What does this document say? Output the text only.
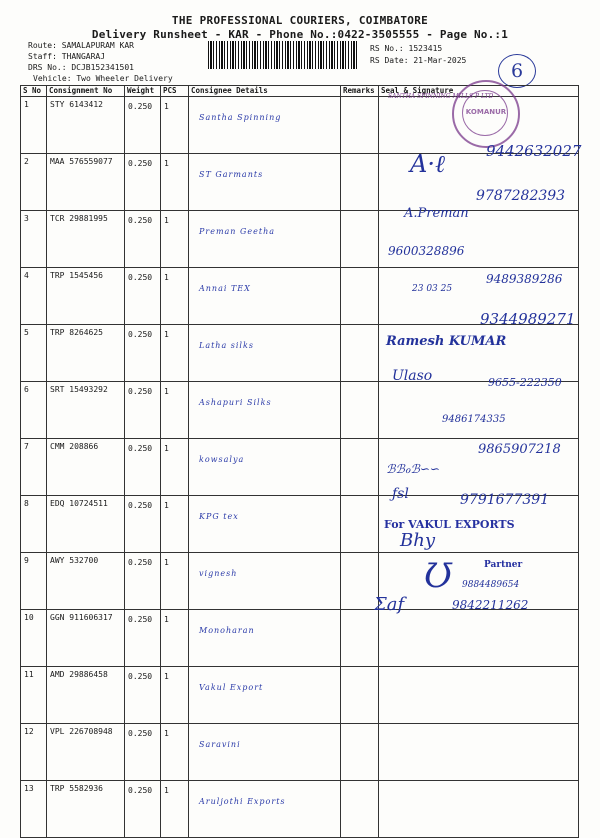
THE PROFESSIONAL COURIERS, COIMBATORE
Delivery Runsheet - KAR - Phone No.:0422-3505555 - Page No.:1
Route: SAMALAPURAM KAR
Staff: THANGARAJ
DRS No.: DCJB152341501
Vehicle: Two Wheeler Delivery
RS No.: 1523415
RS Date: 21-Mar-2025	6
S No	Consignment No	Weight	PCS	Consignee Details	Remarks	Seal & Signature
1	STY 6143412	0.250	1	Santha Spinning		
2	MAA 576559077	0.250	1	ST Garmants		
3	TCR 29881995	0.250	1	Preman Geetha		
4	TRP 1545456	0.250	1	Annai TEX		
5	TRP 8264625	0.250	1	Latha silks		
6	SRT 15493292	0.250	1	Ashapuri Silks		
7	CMM 208866	0.250	1	kowsalya		
8	EDQ 10724511	0.250	1	KPG tex		
9	AWY 532700	0.250	1	vignesh		
10	GGN 911606317	0.250	1	Monoharan		
11	AMD 29886458	0.250	1	Vakul Export		
12	VPL 226708948	0.250	1	Saravini		
13	TRP 5582936	0.250	1	Aruljothi Exports		
KOMANUR
SANTHA SPINNING MILLS P LTD
9442632027
A·ℓ
9787282393
A.Preman
9600328896
23 03 25
9489389286
9344989271
Ramesh KUMAR
Ulaso	9655-222350
9486174335
9865907218
ℬℬℴℬ∽∽
9791677391
ƒsl
For VAKUL EXPORTS
Bhy
Partner
Ʊ 9884489654
Ʃaf	9842211262
